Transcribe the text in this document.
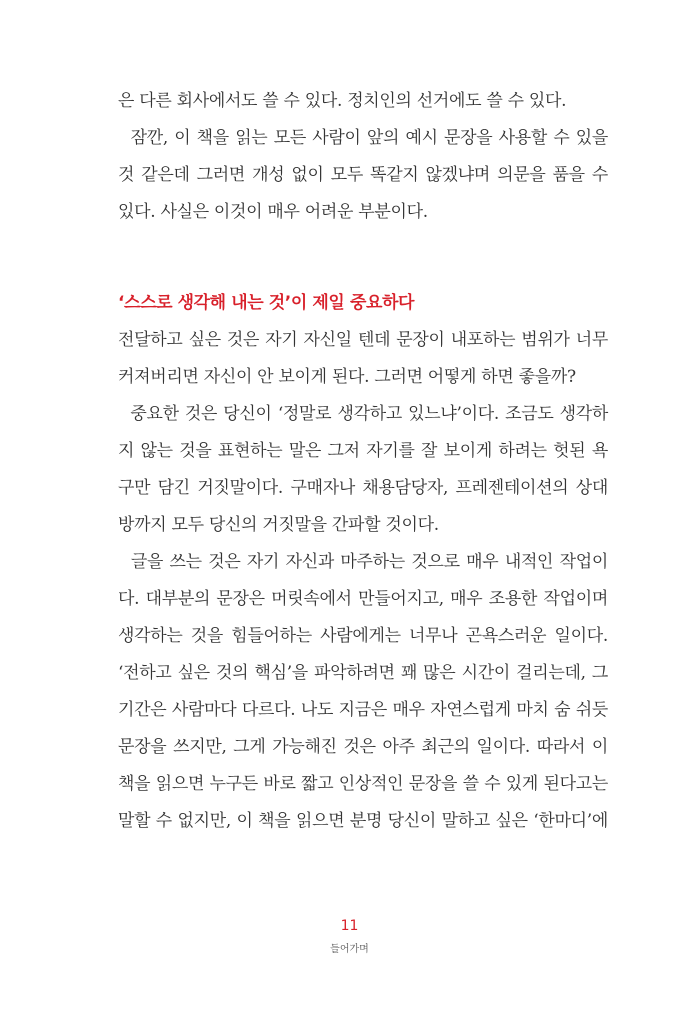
은 다른 회사에서도 쓸 수 있다. 정치인의 선거에도 쓸 수 있다.
잠깐, 이 책을 읽는 모든 사람이 앞의 예시 문장을 사용할 수 있을
것 같은데 그러면 개성 없이 모두 똑같지 않겠냐며 의문을 품을 수
있다. 사실은 이것이 매우 어려운 부분이다.
‘스스로 생각해 내는 것’이 제일 중요하다
전달하고 싶은 것은 자기 자신일 텐데 문장이 내포하는 범위가 너무
커져버리면 자신이 안 보이게 된다. 그러면 어떻게 하면 좋을까?
중요한 것은 당신이 ‘정말로 생각하고 있느냐’이다. 조금도 생각하
지 않는 것을 표현하는 말은 그저 자기를 잘 보이게 하려는 헛된 욕
구만 담긴 거짓말이다. 구매자나 채용담당자, 프레젠테이션의 상대
방까지 모두 당신의 거짓말을 간파할 것이다.
글을 쓰는 것은 자기 자신과 마주하는 것으로 매우 내적인 작업이
다. 대부분의 문장은 머릿속에서 만들어지고, 매우 조용한 작업이며
생각하는 것을 힘들어하는 사람에게는 너무나 곤욕스러운 일이다.
‘전하고 싶은 것의 핵심’을 파악하려면 꽤 많은 시간이 걸리는데, 그
기간은 사람마다 다르다. 나도 지금은 매우 자연스럽게 마치 숨 쉬듯
문장을 쓰지만, 그게 가능해진 것은 아주 최근의 일이다. 따라서 이
책을 읽으면 누구든 바로 짧고 인상적인 문장을 쓸 수 있게 된다고는
말할 수 없지만, 이 책을 읽으면 분명 당신이 말하고 싶은 ‘한마디’에
11
들어가며
